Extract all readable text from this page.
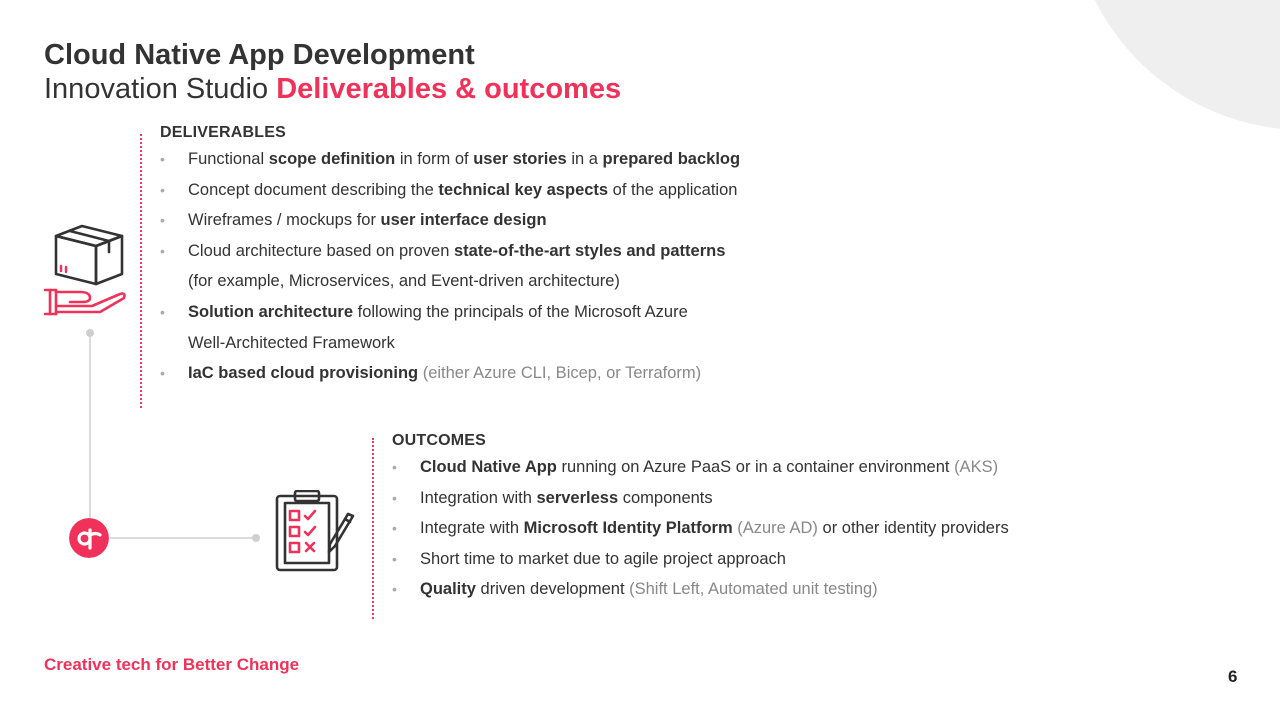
Cloud Native App Development
Innovation Studio Deliverables & outcomes
DELIVERABLES
• Functional scope definition in form of user stories in a prepared backlog
• Concept document describing the technical key aspects of the application
• Wireframes / mockups for user interface design
• Cloud architecture based on proven state-of-the-art styles and patterns
(for example, Microservices, and Event-driven architecture)
• Solution architecture following the principals of the Microsoft Azure
Well-Architected Framework
• IaC based cloud provisioning (either Azure CLI, Bicep, or Terraform)
OUTCOMES
• Cloud Native App running on Azure PaaS or in a container environment (AKS)
• Integration with serverless components
• Integrate with Microsoft Identity Platform (Azure AD) or other identity providers
• Short time to market due to agile project approach
• Quality driven development (Shift Left, Automated unit testing)
Creative tech for Better Change
6
